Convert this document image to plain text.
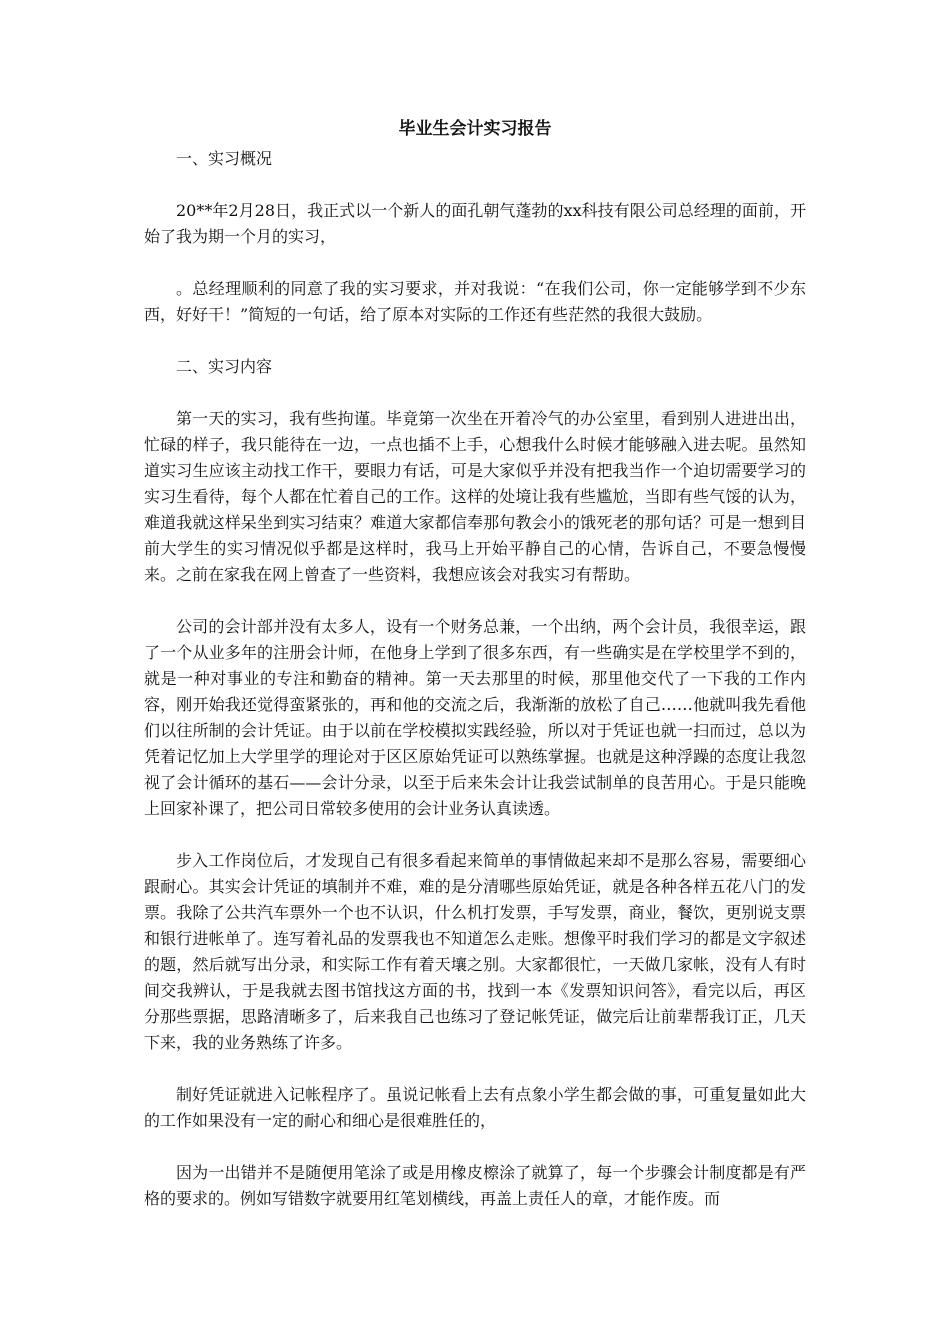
毕业生会计实习报告

一、实习概况

20**年2月28日，我正式以一个新人的面孔朝气蓬勃的xx科技有限公司总经理的面前，开始了我为期一个月的实习，

。总经理顺利的同意了我的实习要求，并对我说：“在我们公司，你一定能够学到不少东西，好好干！”简短的一句话，给了原本对实际的工作还有些茫然的我很大鼓励。

二、实习内容

第一天的实习，我有些拘谨。毕竟第一次坐在开着冷气的办公室里，看到别人进进出出，忙碌的样子，我只能待在一边，一点也插不上手，心想我什么时候才能够融入进去呢。虽然知道实习生应该主动找工作干，要眼力有话，可是大家似乎并没有把我当作一个迫切需要学习的实习生看待，每个人都在忙着自己的工作。这样的处境让我有些尴尬，当即有些气馁的认为，难道我就这样呆坐到实习结束？难道大家都信奉那句教会小的饿死老的那句话？可是一想到目前大学生的实习情况似乎都是这样时，我马上开始平静自己的心情，告诉自己，不要急慢慢来。之前在家我在网上曾查了一些资料，我想应该会对我实习有帮助。

公司的会计部并没有太多人，设有一个财务总兼，一个出纳，两个会计员，我很幸运，跟了一个从业多年的注册会计师，在他身上学到了很多东西，有一些确实是在学校里学不到的，就是一种对事业的专注和勤奋的精神。第一天去那里的时候，那里他交代了一下我的工作内容，刚开始我还觉得蛮紧张的，再和他的交流之后，我渐渐的放松了自己……他就叫我先看他们以往所制的会计凭证。由于以前在学校模拟实践经验，所以对于凭证也就一扫而过，总以为凭着记忆加上大学里学的理论对于区区原始凭证可以熟练掌握。也就是这种浮躁的态度让我忽视了会计循环的基石——会计分录，以至于后来朱会计让我尝试制单的良苦用心。于是只能晚上回家补课了，把公司日常较多使用的会计业务认真读透。

步入工作岗位后，才发现自己有很多看起来简单的事情做起来却不是那么容易，需要细心跟耐心。其实会计凭证的填制并不难，难的是分清哪些原始凭证，就是各种各样五花八门的发票。我除了公共汽车票外一个也不认识，什么机打发票，手写发票，商业，餐饮，更别说支票和银行进帐单了。连写着礼品的发票我也不知道怎么走账。想像平时我们学习的都是文字叙述的题，然后就写出分录，和实际工作有着天壤之别。大家都很忙，一天做几家帐，没有人有时间交我辨认，于是我就去图书馆找这方面的书，找到一本《发票知识问答》，看完以后，再区分那些票据，思路清晰多了，后来我自己也练习了登记帐凭证，做完后让前辈帮我订正，几天下来，我的业务熟练了许多。

制好凭证就进入记帐程序了。虽说记帐看上去有点象小学生都会做的事，可重复量如此大的工作如果没有一定的耐心和细心是很难胜任的，

因为一出错并不是随便用笔涂了或是用橡皮檫涂了就算了，每一个步骤会计制度都是有严格的要求的。例如写错数字就要用红笔划横线，再盖上责任人的章，才能作废。而
